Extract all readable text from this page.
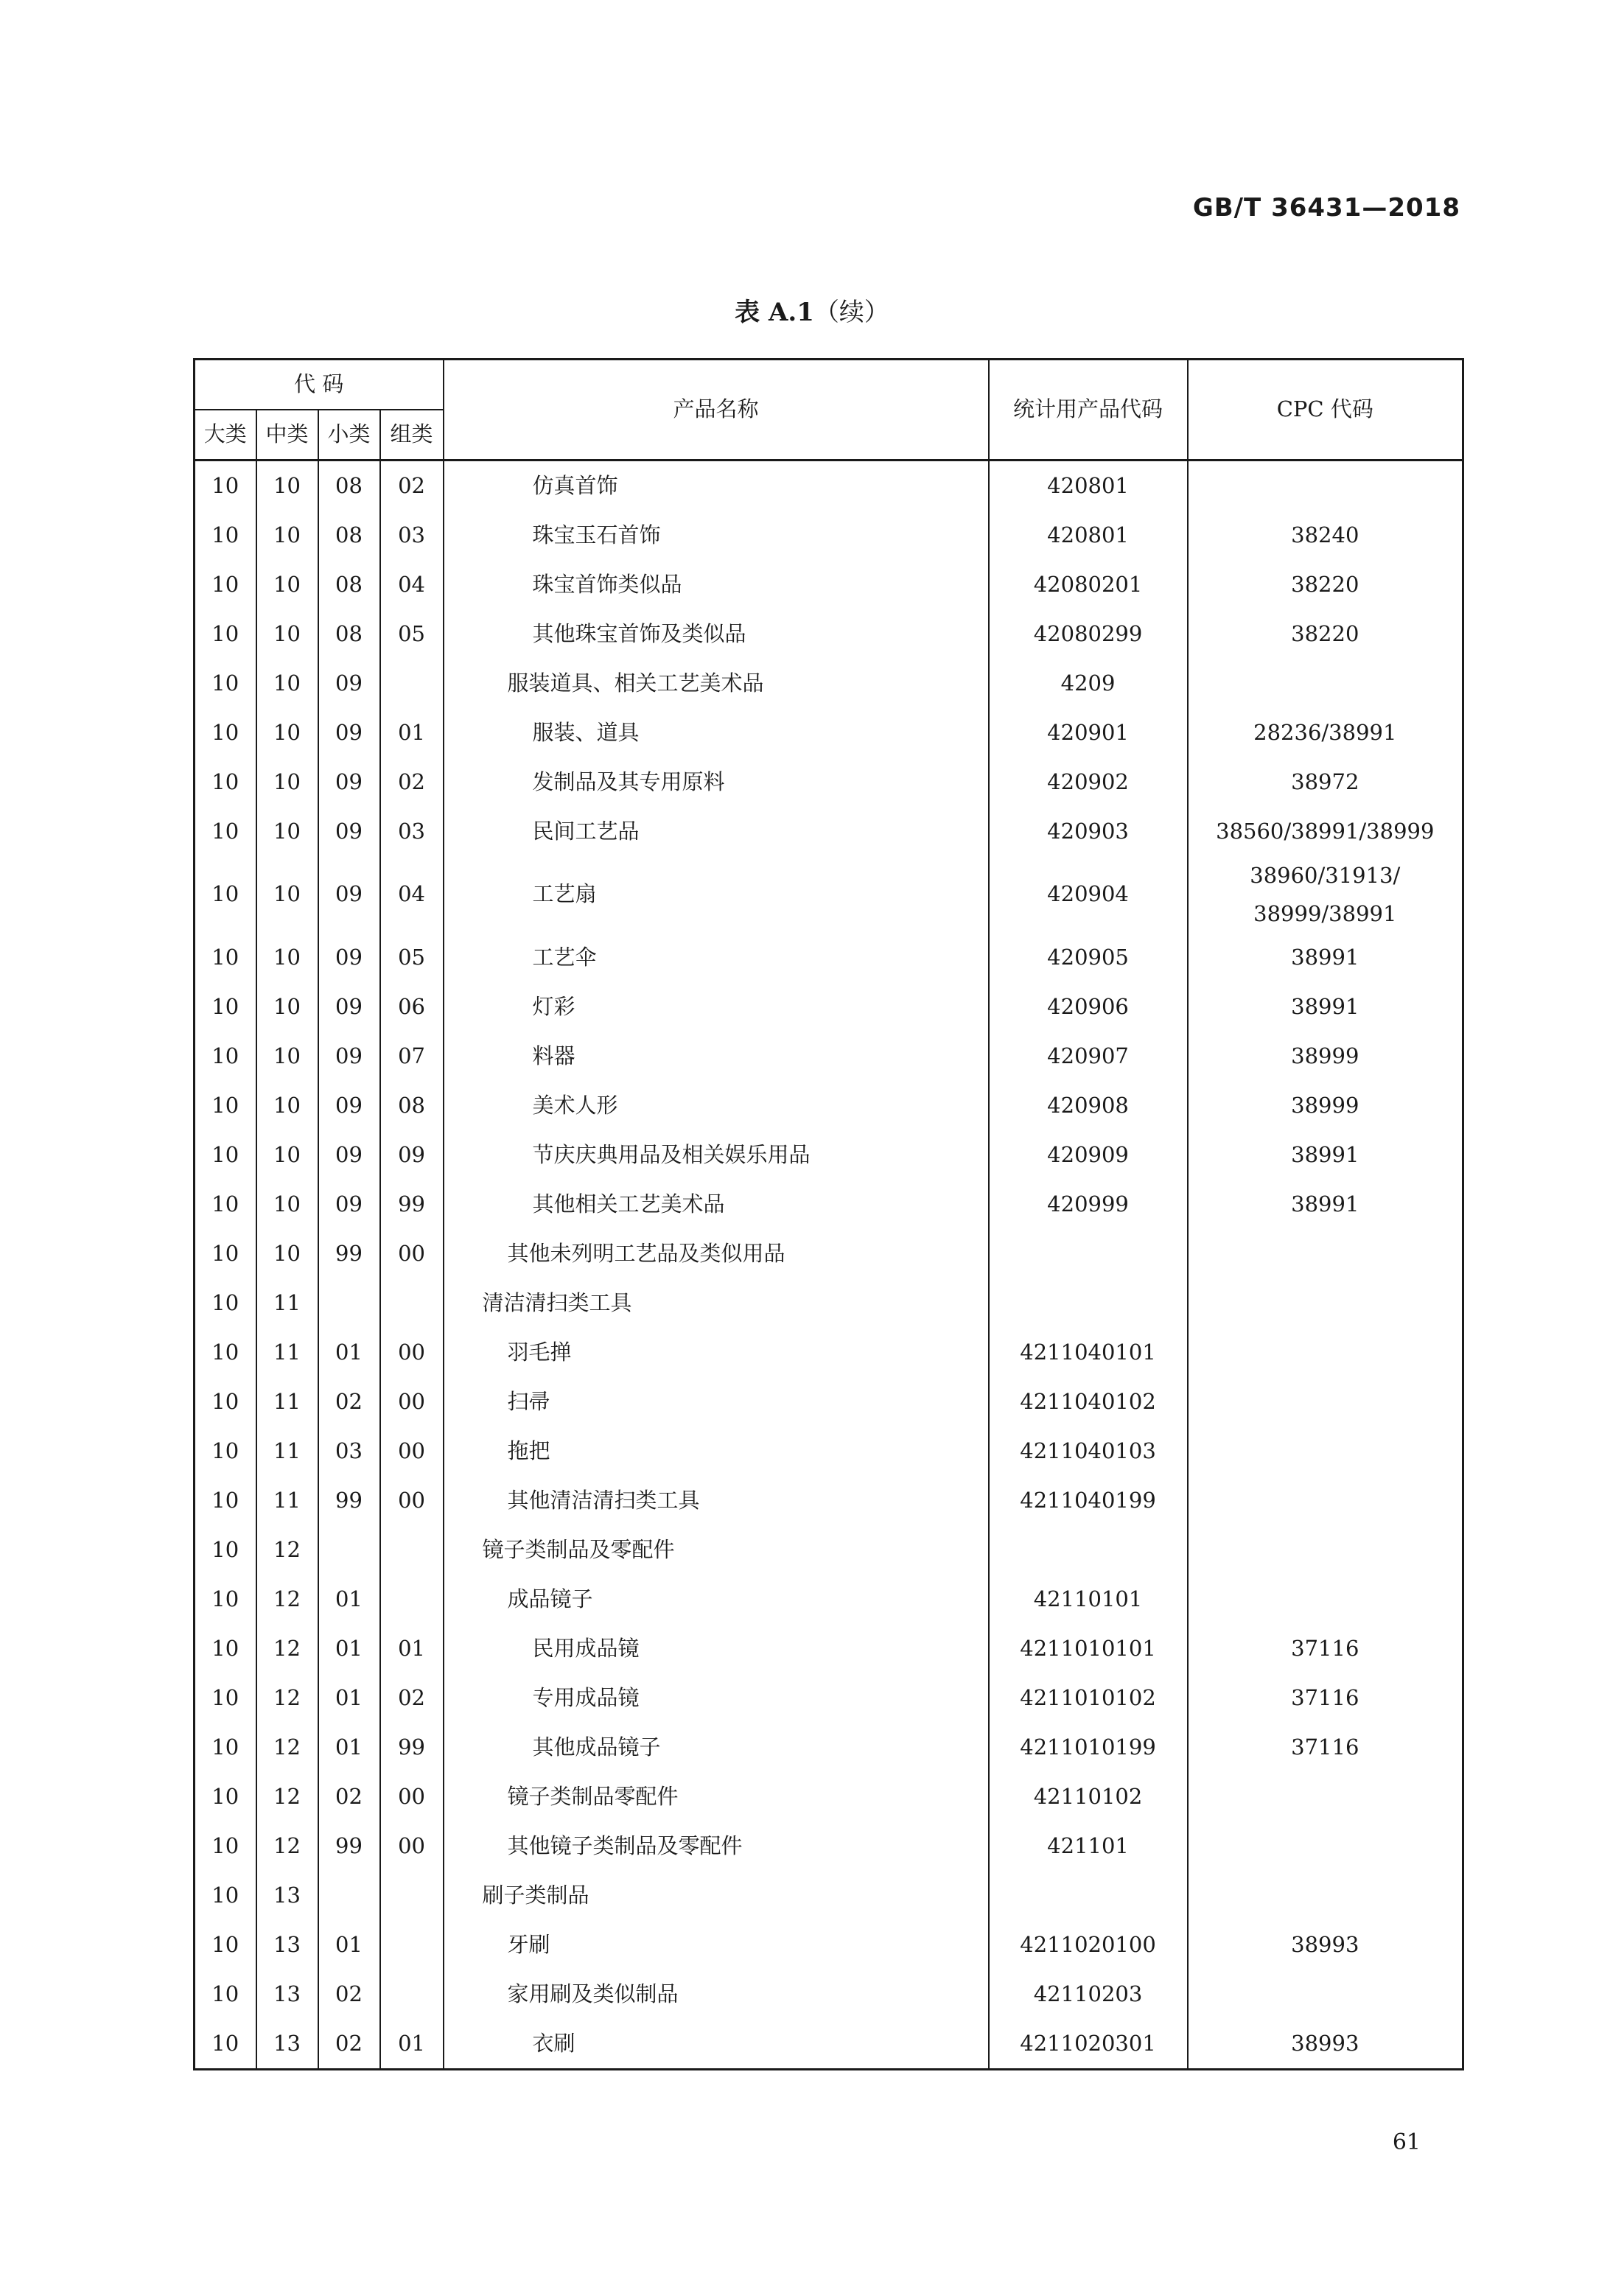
GB/T 36431—2018
表 A.1（续）
代 码				产品名称	统计用产品代码	CPC 代码
大类	中类	小类	组类			
10	10	08	02	仿真首饰	420801	
10	10	08	03	珠宝玉石首饰	420801	38240
10	10	08	04	珠宝首饰类似品	42080201	38220
10	10	08	05	其他珠宝首饰及类似品	42080299	38220
10	10	09		服装道具、相关工艺美术品	4209	
10	10	09	01	服装、道具	420901	28236/38991
10	10	09	02	发制品及其专用原料	420902	38972
10	10	09	03	民间工艺品	420903	38560/38991/38999
10	10	09	04	工艺扇	420904	38960/31913/
38999/38991

10	10	09	05	工艺伞	420905	38991
10	10	09	06	灯彩	420906	38991
10	10	09	07	料器	420907	38999
10	10	09	08	美术人形	420908	38999
10	10	09	09	节庆庆典用品及相关娱乐用品	420909	38991
10	10	09	99	其他相关工艺美术品	420999	38991
10	10	99	00	其他未列明工艺品及类似用品		
10	11			清洁清扫类工具		
10	11	01	00	羽毛掸	4211040101	
10	11	02	00	扫帚	4211040102	
10	11	03	00	拖把	4211040103	
10	11	99	00	其他清洁清扫类工具	4211040199	
10	12			镜子类制品及零配件		
10	12	01		成品镜子	42110101	
10	12	01	01	民用成品镜	4211010101	37116
10	12	01	02	专用成品镜	4211010102	37116
10	12	01	99	其他成品镜子	4211010199	37116
10	12	02	00	镜子类制品零配件	42110102	
10	12	99	00	其他镜子类制品及零配件	421101	
10	13			刷子类制品		
10	13	01		牙刷	4211020100	38993
10	13	02		家用刷及类似制品	42110203	
10	13	02	01	衣刷	4211020301	38993
61
